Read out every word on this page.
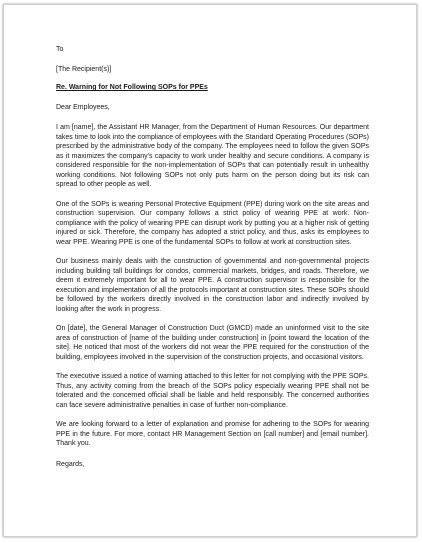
To

[The Recipient(s)]

Re. Warning for Not Following SOPs for PPEs

Dear Employees,

I am [name], the Assistant HR Manager, from the Department of Human Resources. Our department takes time to look into the compliance of employees with the Standard Operating Procedures (SOPs) prescribed by the administrative body of the company. The employees need to follow the given SOPs as it maximizes the company's capacity to work under healthy and secure conditions. A company is considered responsible for the non-implementation of SOPs that can potentially result in unhealthy working conditions. Not following SOPs not only puts harm on the person doing but its risk can spread to other people as well.

One of the SOPs is wearing Personal Protective Equipment (PPE) during work on the site areas and construction supervision. Our company follows a strict policy of wearing PPE at work. Non-compliance with the policy of wearing PPE can disrupt work by putting you at a higher risk of getting injured or sick. Therefore, the company has adopted a strict policy, and thus, asks its employees to wear PPE. Wearing PPE is one of the fundamental SOPs to follow at work at construction sites.

Our business mainly deals with the construction of governmental and non-governmental projects including building tall buildings for condos, commercial markets, bridges, and roads. Therefore, we deem it extremely important for all to wear PPE. A construction supervisor is responsible for the execution and implementation of all the protocols important at construction sites. These SOPs should be followed by the workers directly involved in the construction labor and indirectly involved by looking after the work in progress.

On [date], the General Manager of Construction Duct (GMCD) made an uninformed visit to the site area of construction of [name of the building under construction] in [point toward the location of the site]. He noticed that most of the workers did not wear the PPE required for the construction of the building, employees involved in the supervision of the construction projects, and occasional visitors.

The executive issued a notice of warning attached to this letter for not complying with the PPE SOPs. Thus, any activity coming from the breach of the SOPs policy especially wearing PPE shall not be tolerated and the concerned official shall be liable and held responsibly. The concerned authorities can face severe administrative penalties in case of further non-compliance.

We are looking forward to a letter of explanation and promise for adhering to the SOPs for wearing PPE in the future. For more, contact HR Management Section on [call number] and [email number]. Thank you.

Regards,
